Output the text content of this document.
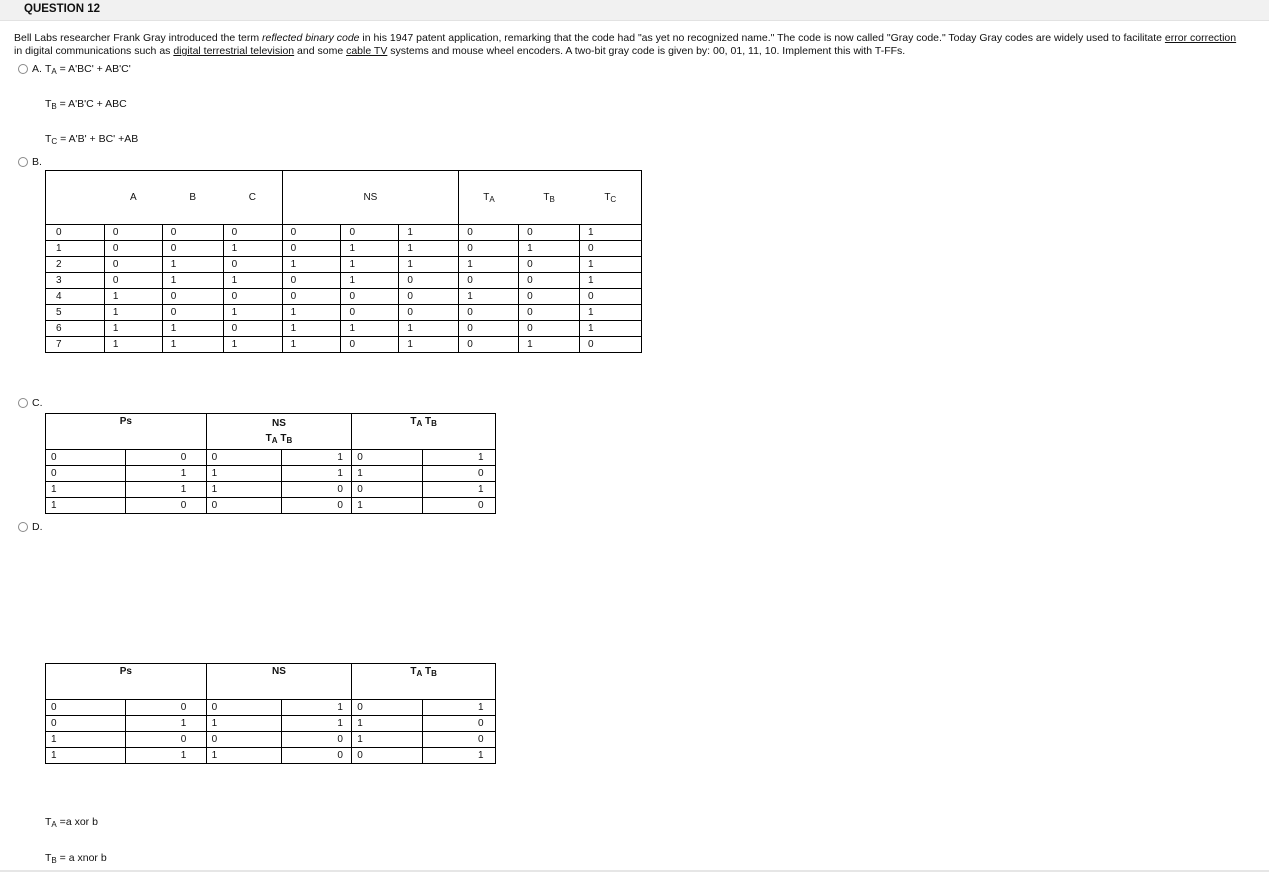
QUESTION 12
Bell Labs researcher Frank Gray introduced the term reflected binary code in his 1947 patent application, remarking that the code had "as yet no recognized name." The code is now called "Gray code." Today Gray codes are widely used to facilitate error correction
in digital communications such as digital terrestrial television and some cable TV systems and mouse wheel encoders. A two-bit gray code is given by: 00, 01, 11, 10. Implement this with T-FFs.
A. $T_A = A'BC' + AB'C'$
$T_B = A'B'C$ + ABC
$T_C = A'B' + BC' +AB$
B.
	A	B	C	NS			$T_A$	$T_B$	$T_C$
0	0	0	0	0	0	1	0	0	1
1	0	0	1	0	1	1	0	1	0
2	0	1	0	1	1	1	1	0	1
3	0	1	1	0	1	0	0	0	1
4	1	0	0	0	0	0	1	0	0
5	1	0	1	1	0	0	0	0	1
6	1	1	0	1	1	1	0	0	1
7	1	1	1	1	0	1	0	1	0
C.
Ps		NS
$T_A$ $T_B$		$T_A$ $T_B$
0	0	0	1	0	1
0	1	1	1	1	0
1	1	1	0	0	1
1	0	0	0	1	0
D.
Ps		NS		$T_A$ $T_B$
0	0	0	1	0	1
0	1	1	1	1	0
1	0	0	0	1	0
1	1	1	0	0	1
$T_A =a$ xor b
$T_B = a$ xnor b
